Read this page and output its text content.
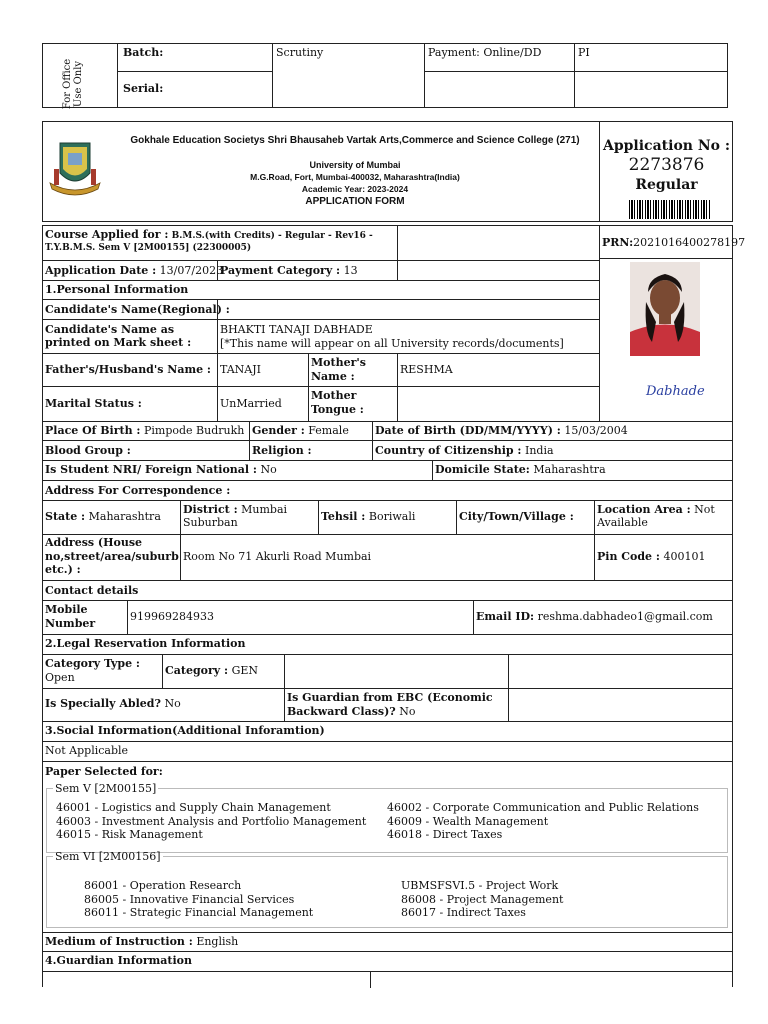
For Office Use Only
Batch:
Serial:
Scrutiny	Payment: Online/DD	PI
Gokhale Education Societys Shri Bhausaheb Vartak Arts,Commerce and Science College (271)
University of Mumbai
M.G.Road, Fort, Mumbai-400032, Maharashtra(India)
Academic Year: 2023-2024
APPLICATION FORM
Application No :
2273876
Regular
Course Applied for : B.M.S.(with Credits) - Regular - Rev16 - T.Y.B.M.S. Sem V [2M00155] (22300005)	PRN:2021016400278197
Application Date : 13/07/2023
Payment Category : 13
1.Personal Information
Candidate's Name(Regional) :
Candidate's Name as printed on Mark sheet :
BHAKTI TANAJI DABHADE
[*This name will appear on all University records/documents]
Father's/Husband's Name : TANAJI
Mother's Name :
RESHMA
Marital Status :	UnMarried
Mother Tongue :
Dabhade
Place Of Birth : Pimpode Budrukh Gender : Female Date of Birth (DD/MM/YYYY) : 15/03/2004
Blood Group :	Religion :	Country of Citizenship : India
Is Student NRI/ Foreign National : No	Domicile State: Maharashtra
Address For Correspondence :
State : Maharashtra
District : Mumbai Suburban	Tehsil : Boriwali	City/Town/Village :
Location Area : Not Available
Address (House no,street/area/suburb etc.) :
Room No 71 Akurli Road Mumbai	Pin Code : 400101
Contact details
Mobile Number
919969284933	Email ID: reshma.dabhadeo1@gmail.com
2.Legal Reservation Information
Category Type :
Open
Category : GEN
Is Specially Abled? No	Is Guardian from EBC (Economic Backward Class)? No
3.Social Information(Additional Inforamtion)
Not Applicable
Paper Selected for:
Sem V [2M00155]
46001 - Logistics and Supply Chain Management
46003 - Investment Analysis and Portfolio Management
46015 - Risk Management
46002 - Corporate Communication and Public Relations
46009 - Wealth Management
46018 - Direct Taxes
Sem VI [2M00156]
86001 - Operation Research
86005 - Innovative Financial Services
86011 - Strategic Financial Management
UBMSFSVI.5 - Project Work
86008 - Project Management
86017 - Indirect Taxes
Medium of Instruction : English
4.Guardian Information
